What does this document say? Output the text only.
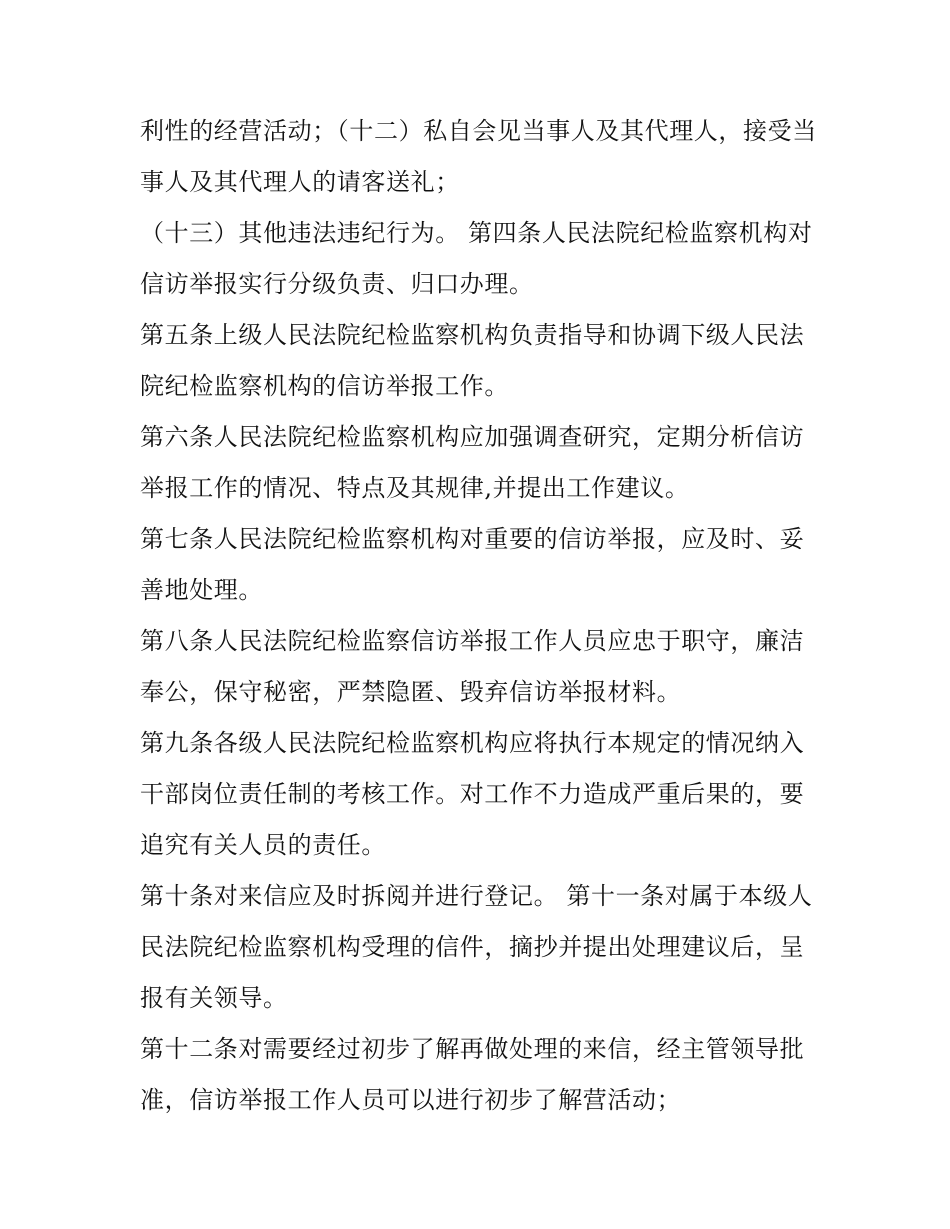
利性的经营活动；（十二）私自会见当事人及其代理人，接受当事人及其代理人的请客送礼；

（十三）其他违法违纪行为。 第四条人民法院纪检监察机构对信访举报实行分级负责、归口办理。

第五条上级人民法院纪检监察机构负责指导和协调下级人民法院纪检监察机构的信访举报工作。

第六条人民法院纪检监察机构应加强调查研究，定期分析信访举报工作的情况、特点及其规律,并提出工作建议。

第七条人民法院纪检监察机构对重要的信访举报，应及时、妥善地处理。

第八条人民法院纪检监察信访举报工作人员应忠于职守，廉洁奉公，保守秘密，严禁隐匿、毁弃信访举报材料。

第九条各级人民法院纪检监察机构应将执行本规定的情况纳入干部岗位责任制的考核工作。对工作不力造成严重后果的，要追究有关人员的责任。

第十条对来信应及时拆阅并进行登记。 第十一条对属于本级人民法院纪检监察机构受理的信件，摘抄并提出处理建议后，呈报有关领导。

第十二条对需要经过初步了解再做处理的来信，经主管领导批准，信访举报工作人员可以进行初步了解营活动；
